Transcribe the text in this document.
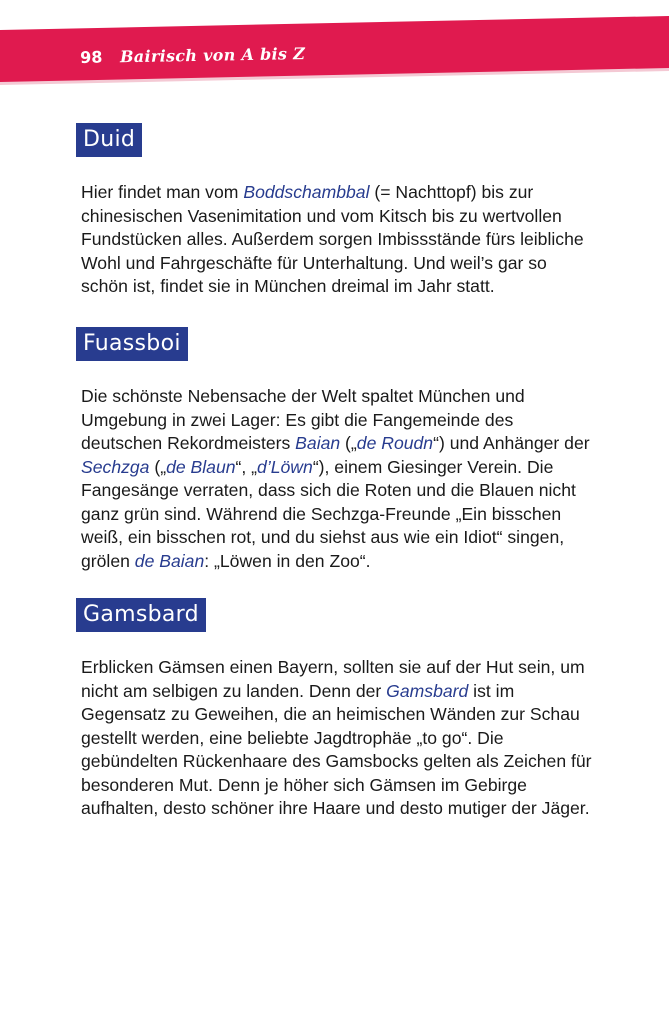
98 Bairisch von A bis Z
Duid

Hier findet man vom Boddschambbal (= Nachttopf) bis zur chinesischen Vasenimitation und vom Kitsch bis zu wertvollen Fundstücken alles. Außerdem sorgen Imbissstände fürs leibliche Wohl und Fahrgeschäfte für Unterhaltung. Und weil’s gar so schön ist, findet sie in München dreimal im Jahr statt.

Fuassboi

Die schönste Nebensache der Welt spaltet München und Umgebung in zwei Lager: Es gibt die Fangemeinde des deutschen Rekordmeisters Baian („de Roudn“) und Anhänger der Sechzga („de Blaun“, „d’Löwn“), einem Giesinger Verein. Die Fangesänge verraten, dass sich die Roten und die Blauen nicht ganz grün sind. Während die Sechzga-Freunde „Ein bisschen weiß, ein bisschen rot, und du siehst aus wie ein Idiot“ singen, grölen de Baian: „Löwen in den Zoo“.

Gamsbard

Erblicken Gämsen einen Bayern, sollten sie auf der Hut sein, um nicht am selbigen zu landen. Denn der Gamsbard ist im Gegensatz zu Geweihen, die an heimischen Wänden zur Schau gestellt werden, eine beliebte Jagdtrophäe „to go“. Die gebündelten Rückenhaare des Gamsbocks gelten als Zeichen für besonderen Mut. Denn je höher sich Gämsen im Gebirge aufhalten, desto schöner ihre Haare und desto mutiger der Jäger.
